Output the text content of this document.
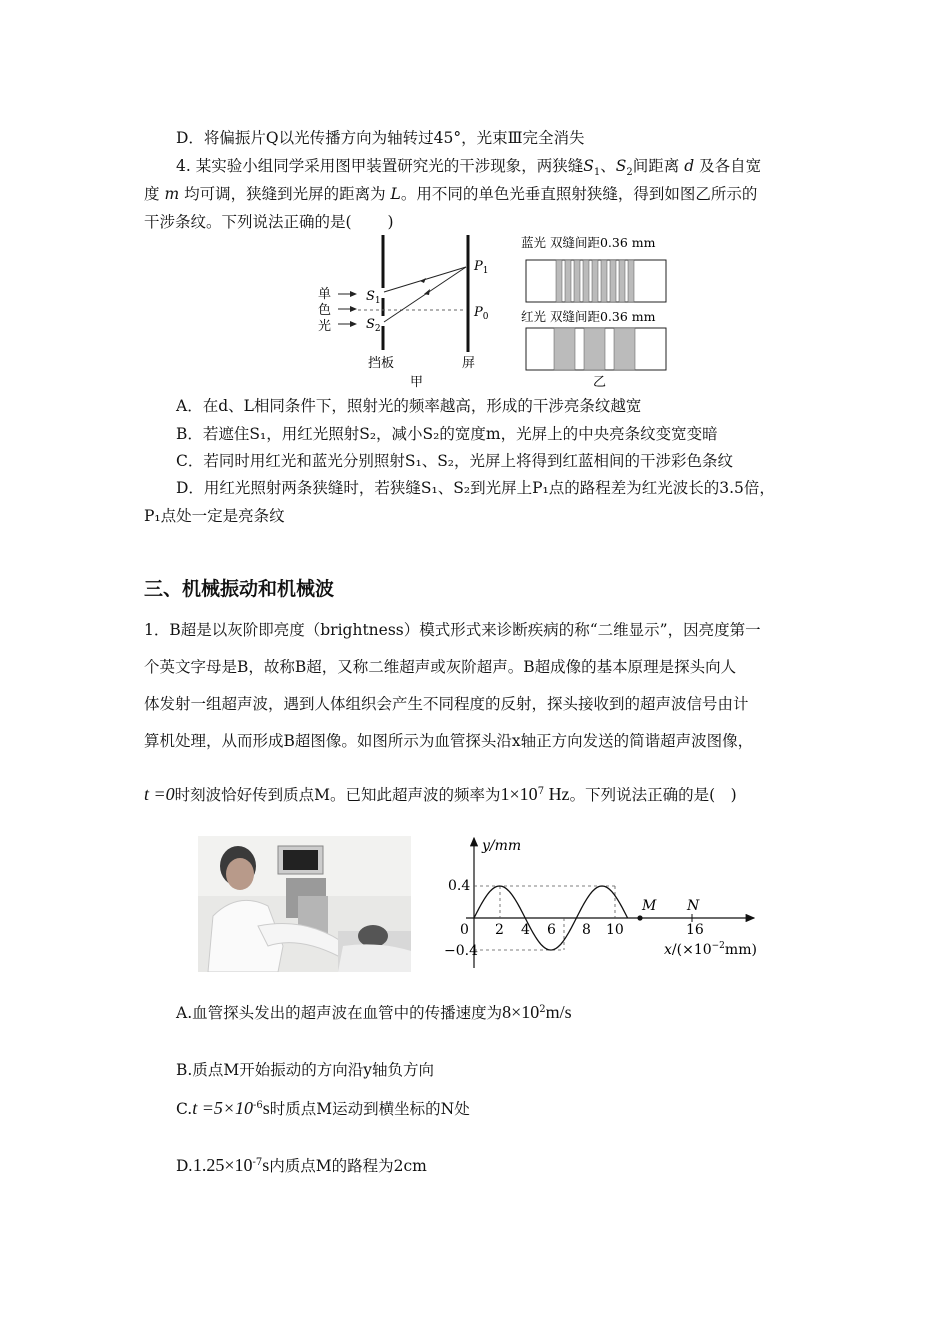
D．将偏振片Q以光传播方向为轴转过45°，光束Ⅲ完全消失
4. 某实验小组同学采用图甲装置研究光的干涉现象，两狭缝$S_1$、$S_2$间距离 d 及各自宽
度 m 均可调，狭缝到光屏的距离为 L。用不同的单色光垂直照射狭缝，得到如图乙所示的
干涉条纹。下列说法正确的是(　　 )
单
色
光
$S_1$
$S_2$
$P_1$
$P_0$
挡板	屏
甲
蓝光 双缝间距0.36 mm
红光 双缝间距0.36 mm
乙
A．在d、L相同条件下，照射光的频率越高，形成的干涉亮条纹越宽
B．若遮住S₁，用红光照射S₂，减小S₂的宽度m，光屏上的中央亮条纹变宽变暗
C．若同时用红光和蓝光分别照射S₁、S₂，光屏上将得到红蓝相间的干涉彩色条纹
D．用红光照射两条狭缝时，若狭缝S₁、S₂到光屏上P₁点的路程差为红光波长的3.5倍，
P₁点处一定是亮条纹
三、机械振动和机械波
1．B超是以灰阶即亮度（brightness）模式形式来诊断疾病的称“二维显示”，因亮度第一
个英文字母是B，故称B超，又称二维超声或灰阶超声。B超成像的基本原理是探头向人
体发射一组超声波，遇到人体组织会产生不同程度的反射，探头接收到的超声波信号由计
算机处理，从而形成B超图像。如图所示为血管探头沿x轴正方向发送的简谐超声波图像，
t =0时刻波恰好传到质点M。已知此超声波的频率为$1\times 10^7$ Hz。下列说法正确的是(　)
y/mm
0.4
−0.4
0 2 4 6 8 10	16
M N
$x/(\times 10^{-2}mm)$
A.血管探头发出的超声波在血管中的传播速度为$8\times 10^2m/s$
B.质点M开始振动的方向沿y轴负方向
$C.t =5\times 10^{-6}s$时质点M运动到横坐标的N处
$D.1.25\times 10^{-7}s$内质点M的路程为2cm
